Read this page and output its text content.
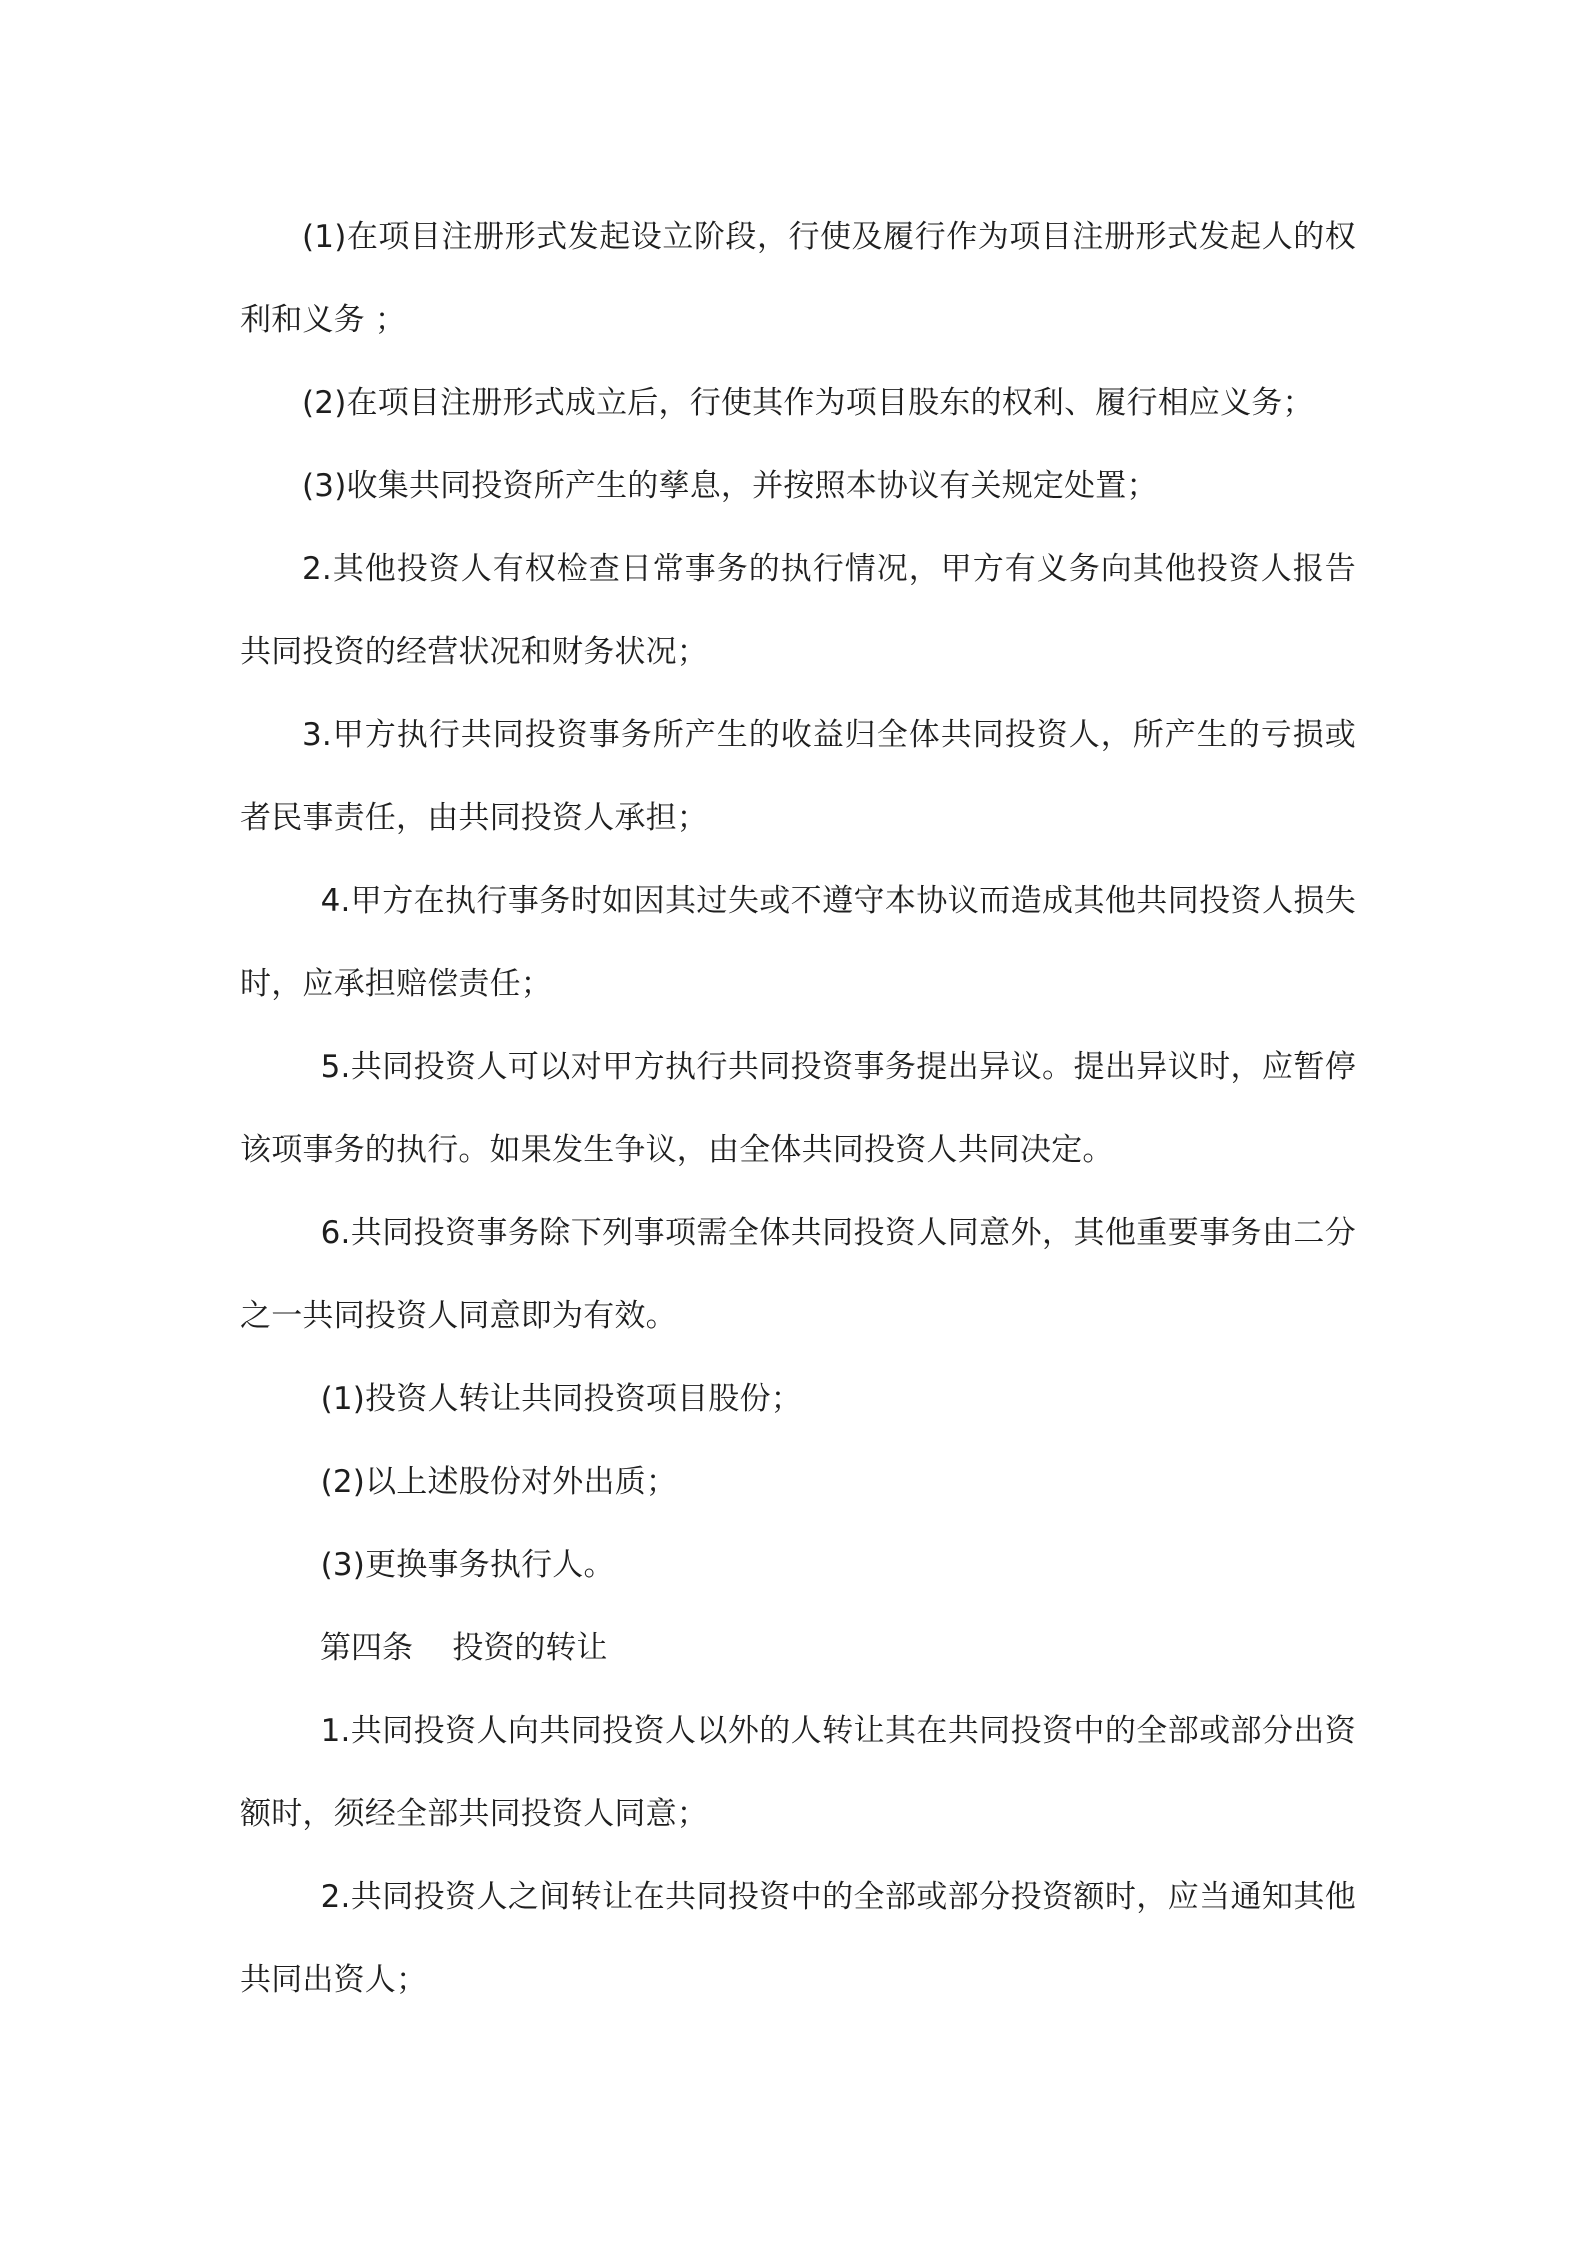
(1)在项目注册形式发起设立阶段，行使及履行作为项目注册形式发起人的权利和义务 ；

(2)在项目注册形式成立后，行使其作为项目股东的权利、履行相应义务；

(3)收集共同投资所产生的孳息，并按照本协议有关规定处置；

2.其他投资人有权检查日常事务的执行情况，甲方有义务向其他投资人报告共同投资的经营状况和财务状况；

3.甲方执行共同投资事务所产生的收益归全体共同投资人，所产生的亏损或者民事责任，由共同投资人承担；

4.甲方在执行事务时如因其过失或不遵守本协议而造成其他共同投资人损失时，应承担赔偿责任；

5.共同投资人可以对甲方执行共同投资事务提出异议。提出异议时，应暂停该项事务的执行。如果发生争议，由全体共同投资人共同决定。

6.共同投资事务除下列事项需全体共同投资人同意外，其他重要事务由二分之一共同投资人同意即为有效。

(1)投资人转让共同投资项目股份；

(2)以上述股份对外出质；

(3)更换事务执行人。

第四条    投资的转让

1.共同投资人向共同投资人以外的人转让其在共同投资中的全部或部分出资额时，须经全部共同投资人同意；

2.共同投资人之间转让在共同投资中的全部或部分投资额时，应当通知其他共同出资人；
